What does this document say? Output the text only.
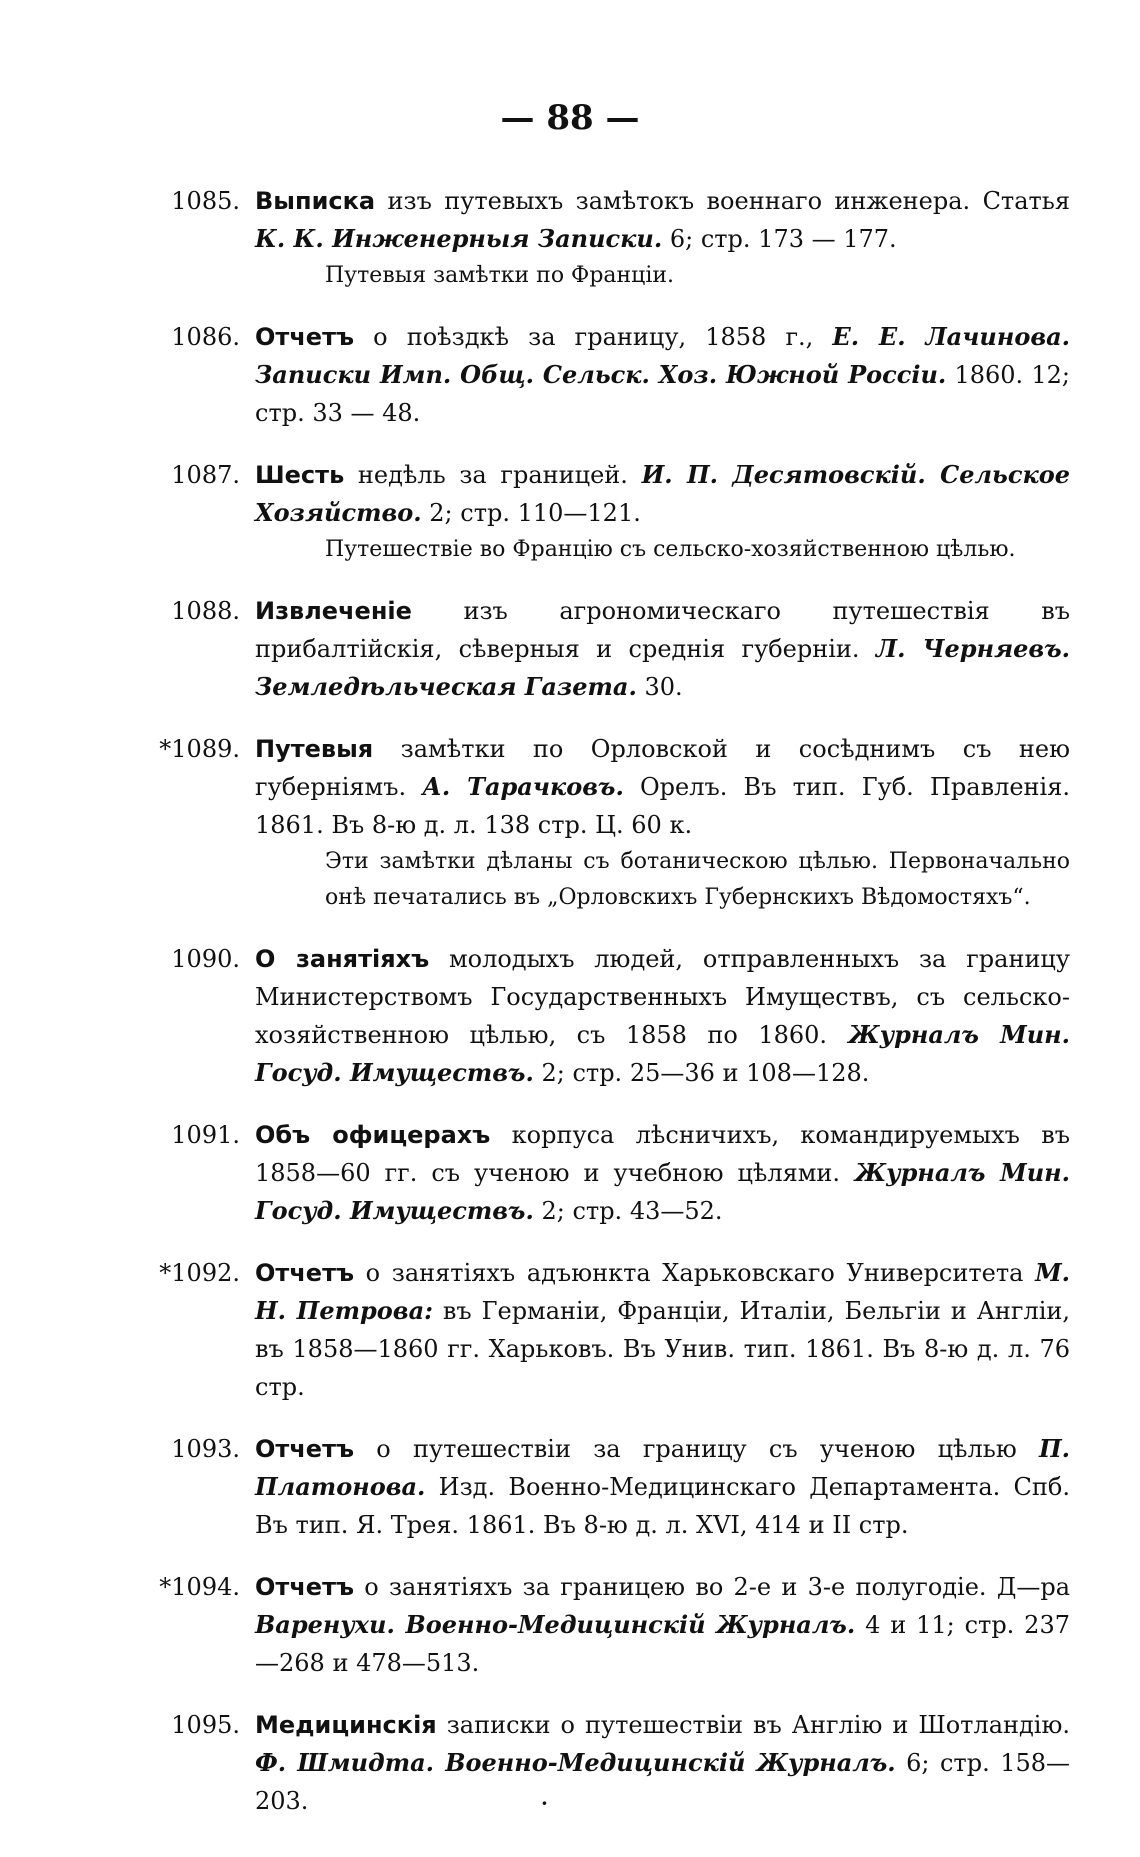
— 88 —
1085. Выписка изъ путевыхъ замѣтокъ военнаго инженера. Статья К. К. Инженерныя Записки. 6; стр. 173 — 177.
Путевыя замѣтки по Франціи.
1086. Отчетъ о поѣздкѣ за границу, 1858 г., Е. Е. Лачинова. Записки Имп. Общ. Сельск. Хоз. Южной Россіи. 1860. 12; стр. 33 — 48.
1087. Шесть недѣль за границей. И. П. Десятовскій. Сельское Хозяйство. 2; стр. 110—121.
Путешествіе во Францію съ сельско-хозяйственною цѣлью.
1088. Извлеченіе изъ агрономическаго путешествія въ прибалтійскія, сѣверныя и среднія губерніи. Л. Черняевъ. Земледѣльческая Газета. 30.
*1089. Путевыя замѣтки по Орловской и сосѣднимъ съ нею губерніямъ. А. Тарачковъ. Орелъ. Въ тип. Губ. Правленія. 1861. Въ 8-ю д. л. 138 стр. Ц. 60 к.
Эти замѣтки дѣланы съ ботаническою цѣлью. Первоначально онѣ печатались въ „Орловскихъ Губернскихъ Вѣдомостяхъ“.
1090. О занятіяхъ молодыхъ людей, отправленныхъ за границу Министерствомъ Государственныхъ Имуществъ, съ сельско-хозяйственною цѣлью, съ 1858 по 1860. Журналъ Мин. Госуд. Имуществъ. 2; стр. 25—36 и 108—128.
1091. Объ офицерахъ корпуса лѣсничихъ, командируемыхъ въ 1858—60 гг. съ ученою и учебною цѣлями. Журналъ Мин. Госуд. Имуществъ. 2; стр. 43—52.
*1092. Отчетъ о занятіяхъ адъюнкта Харьковскаго Университета М. Н. Петрова: въ Германіи, Франціи, Италіи, Бельгіи и Англіи, въ 1858—1860 гг. Харьковъ. Въ Унив. тип. 1861. Въ 8-ю д. л. 76 стр.
1093. Отчетъ о путешествіи за границу съ ученою цѣлью П. Платонова. Изд. Военно-Медицинскаго Департамента. Спб. Въ тип. Я. Трея. 1861. Въ 8-ю д. л. XVI, 414 и II стр.
*1094. Отчетъ о занятіяхъ за границею во 2-е и 3-е полугодіе. Д—ра Варенухи. Военно-Медицинскій Журналъ. 4 и 11; стр. 237—268 и 478—513.
1095. Медицинскія записки о путешествіи въ Англію и Шотландію. Ф. Шмидта. Военно-Медицинскій Журналъ. 6; стр. 158—203.	·
